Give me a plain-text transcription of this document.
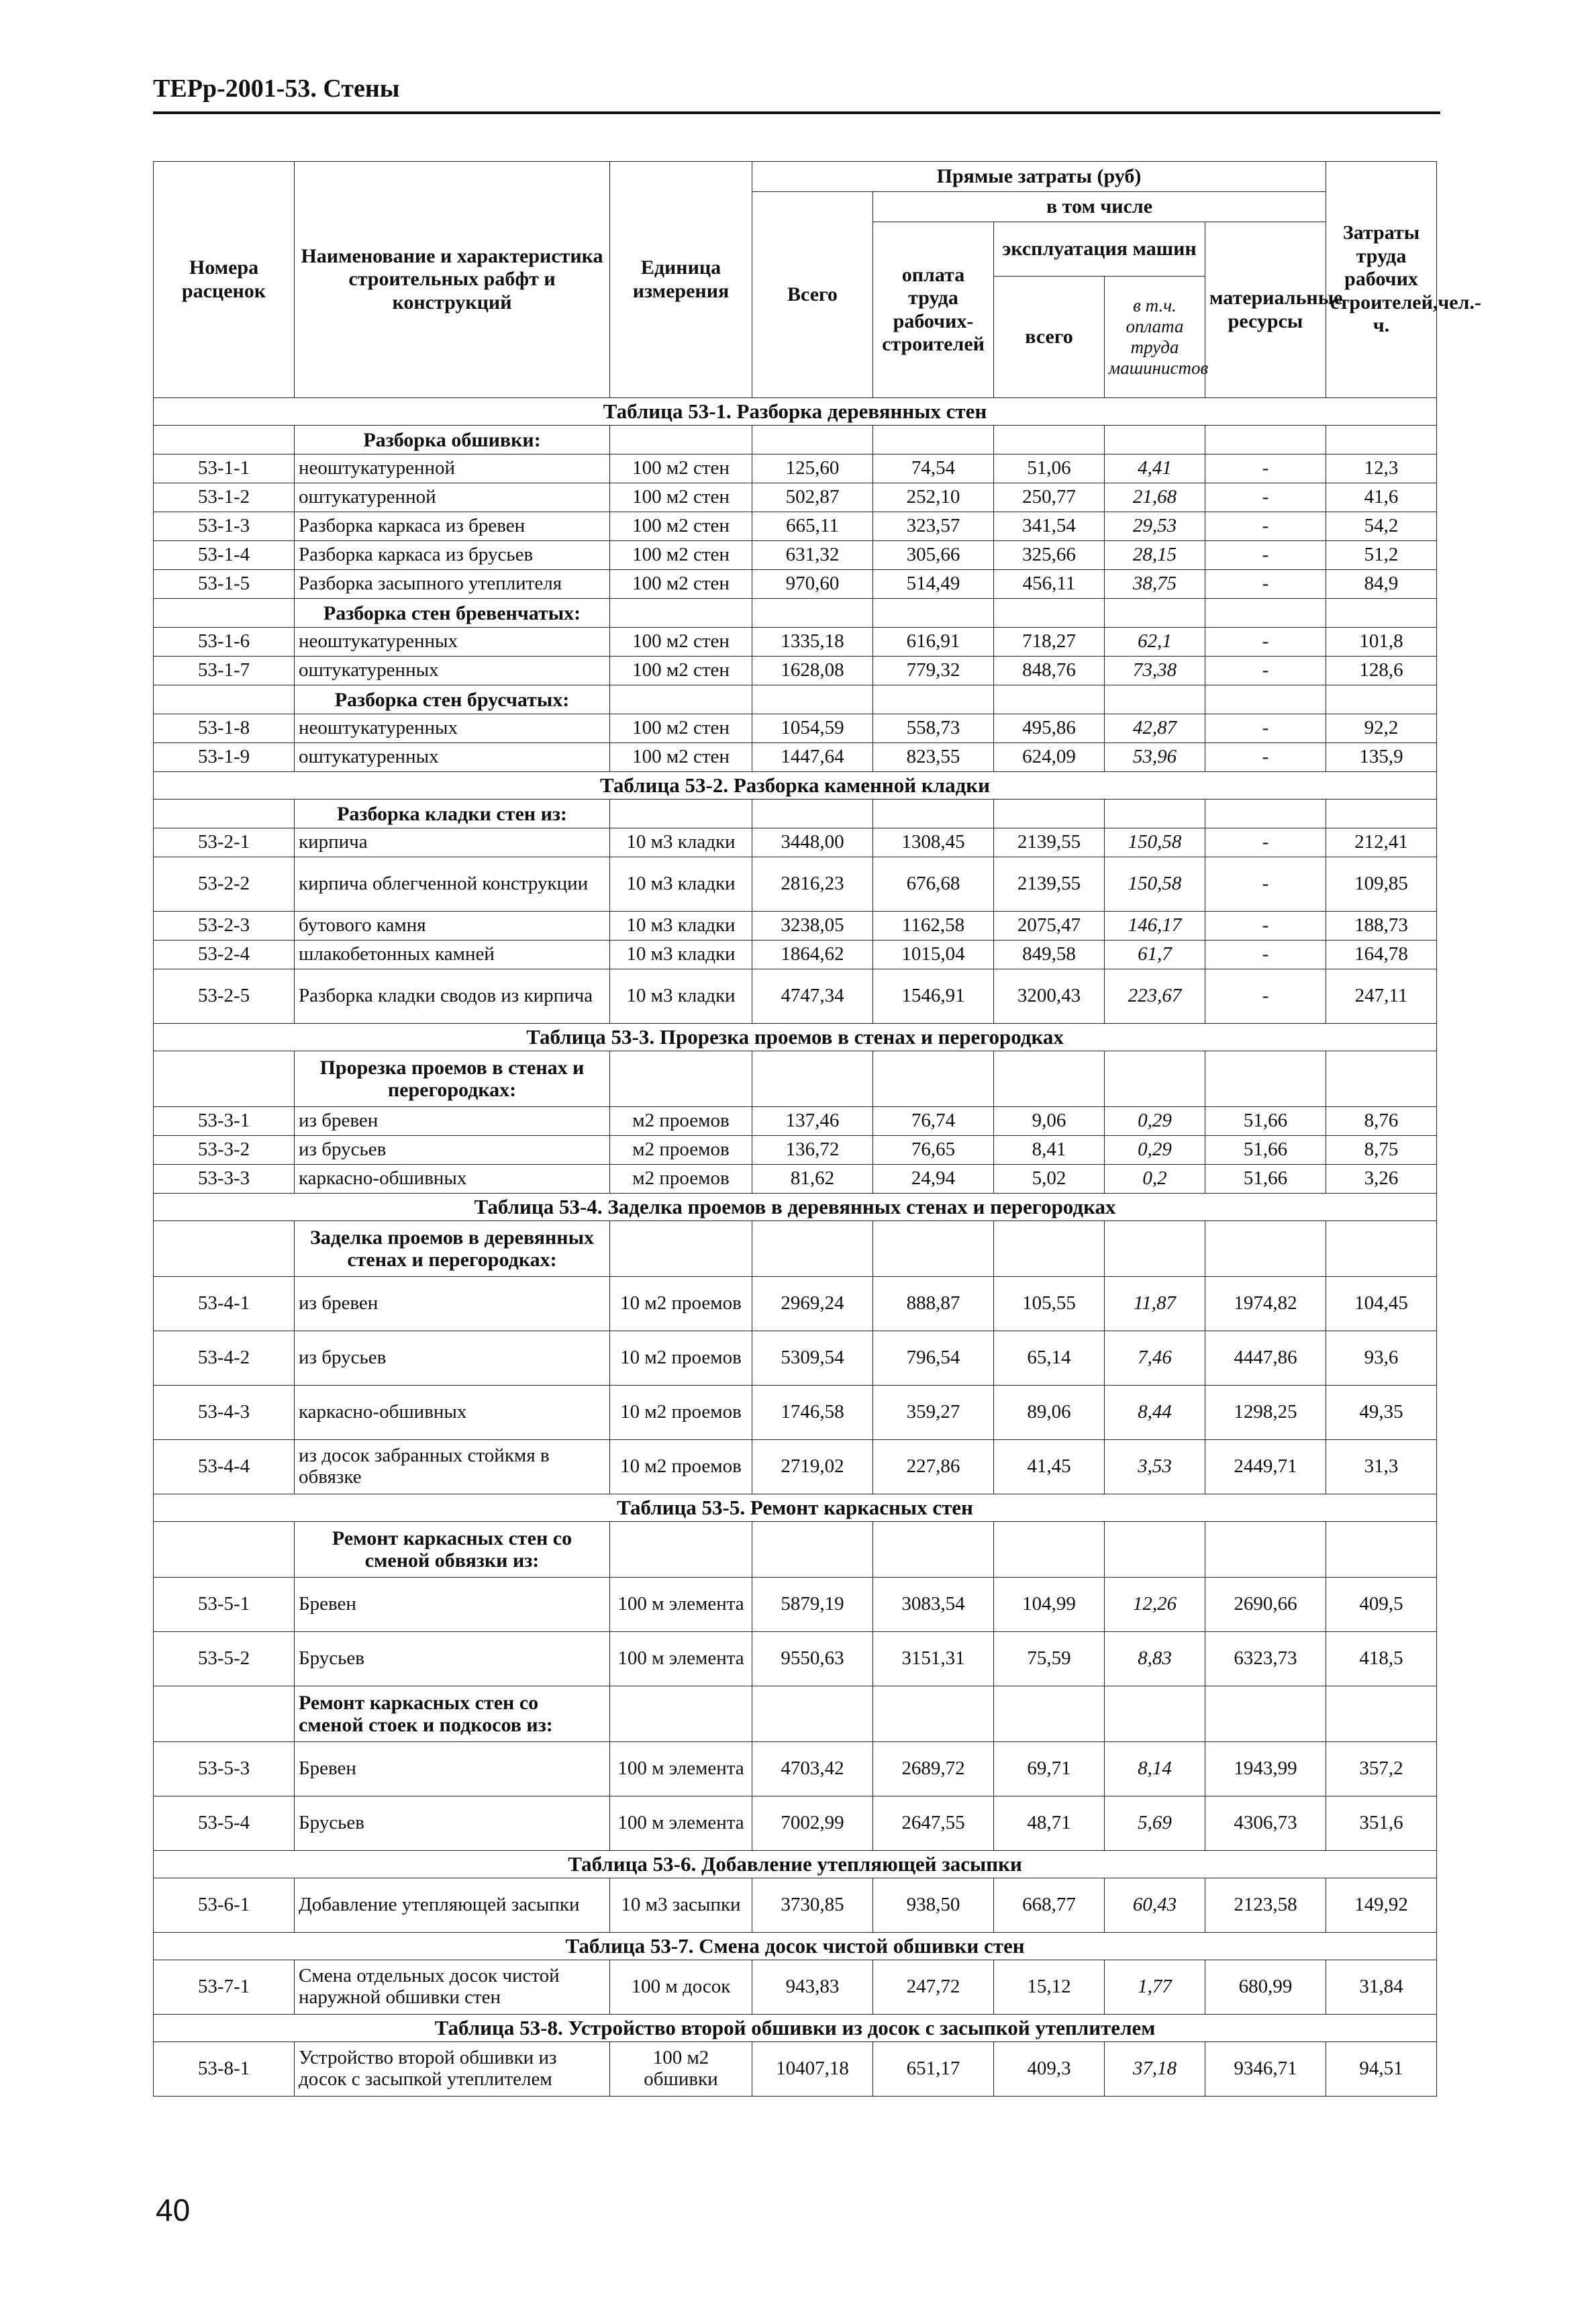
ТЕРр-2001-53. Стены
Номера расценок	Наименование и характеристика строительных рабфт и конструкций	Единица измерения	Прямые затраты (руб)					Затраты труда рабочих строителей,чел.-ч.
			Всего	в том числе				
				оплата труда рабочих-строителей	эксплуатация машин		материальные ресурсы	
					всего	в т.ч. оплата труда машинистов		

Таблица 53-1. Разборка деревянных стен								
	Разборка обшивки:							
53-1-1	неоштукатуренной	100 м2 стен	125,60	74,54	51,06	4,41	-	12,3
53-1-2	оштукатуренной	100 м2 стен	502,87	252,10	250,77	21,68	-	41,6
53-1-3	Разборка каркаса из бревен	100 м2 стен	665,11	323,57	341,54	29,53	-	54,2
53-1-4	Разборка каркаса из брусьев	100 м2 стен	631,32	305,66	325,66	28,15	-	51,2
53-1-5	Разборка засыпного утеплителя	100 м2 стен	970,60	514,49	456,11	38,75	-	84,9
	Разборка стен бревенчатых:							
53-1-6	неоштукатуренных	100 м2 стен	1335,18	616,91	718,27	62,1	-	101,8
53-1-7	оштукатуренных	100 м2 стен	1628,08	779,32	848,76	73,38	-	128,6
	Разборка стен брусчатых:							
53-1-8	неоштукатуренных	100 м2 стен	1054,59	558,73	495,86	42,87	-	92,2
53-1-9	оштукатуренных	100 м2 стен	1447,64	823,55	624,09	53,96	-	135,9
Таблица 53-2. Разборка каменной кладки								
	Разборка кладки стен из:							
53-2-1	кирпича	10 м3 кладки	3448,00	1308,45	2139,55	150,58	-	212,41
53-2-2	кирпича облегченной конструкции	10 м3 кладки	2816,23	676,68	2139,55	150,58	-	109,85
53-2-3	бутового камня	10 м3 кладки	3238,05	1162,58	2075,47	146,17	-	188,73
53-2-4	шлакобетонных камней	10 м3 кладки	1864,62	1015,04	849,58	61,7	-	164,78
53-2-5	Разборка кладки сводов из кирпича	10 м3 кладки	4747,34	1546,91	3200,43	223,67	-	247,11
Таблица 53-3. Прорезка проемов в стенах и перегородках								
	Прорезка проемов в стенах и перегородках:							
53-3-1	из бревен	м2 проемов	137,46	76,74	9,06	0,29	51,66	8,76
53-3-2	из брусьев	м2 проемов	136,72	76,65	8,41	0,29	51,66	8,75
53-3-3	каркасно-обшивных	м2 проемов	81,62	24,94	5,02	0,2	51,66	3,26
Таблица 53-4. Заделка проемов в деревянных стенах и перегородках								
	Заделка проемов в деревянных стенах и перегородках:							
53-4-1	из бревен	10 м2 проемов	2969,24	888,87	105,55	11,87	1974,82	104,45
53-4-2	из брусьев	10 м2 проемов	5309,54	796,54	65,14	7,46	4447,86	93,6
53-4-3	каркасно-обшивных	10 м2 проемов	1746,58	359,27	89,06	8,44	1298,25	49,35
53-4-4	из досок забранных стойкмя в обвязке	10 м2 проемов	2719,02	227,86	41,45	3,53	2449,71	31,3
Таблица 53-5. Ремонт каркасных стен								
	Ремонт каркасных стен со сменой обвязки из:							
53-5-1	Бревен	100 м элемента	5879,19	3083,54	104,99	12,26	2690,66	409,5
53-5-2	Брусьев	100 м элемента	9550,63	3151,31	75,59	8,83	6323,73	418,5
	Ремонт каркасных стен со сменой стоек и подкосов из:							
53-5-3	Бревен	100 м элемента	4703,42	2689,72	69,71	8,14	1943,99	357,2
53-5-4	Брусьев	100 м элемента	7002,99	2647,55	48,71	5,69	4306,73	351,6
Таблица 53-6. Добавление утепляющей засыпки								
53-6-1	Добавление утепляющей засыпки	10 м3 засыпки	3730,85	938,50	668,77	60,43	2123,58	149,92
Таблица 53-7. Смена досок чистой обшивки стен								
53-7-1	Смена отдельных досок чистой наружной обшивки стен	100 м досок	943,83	247,72	15,12	1,77	680,99	31,84
Таблица 53-8. Устройство второй обшивки из досок с засыпкой утеплителем								
53-8-1	Устройство второй обшивки из досок с засыпкой утеплителем	100 м2 обшивки	10407,18	651,17	409,3	37,18	9346,71	94,51
40
